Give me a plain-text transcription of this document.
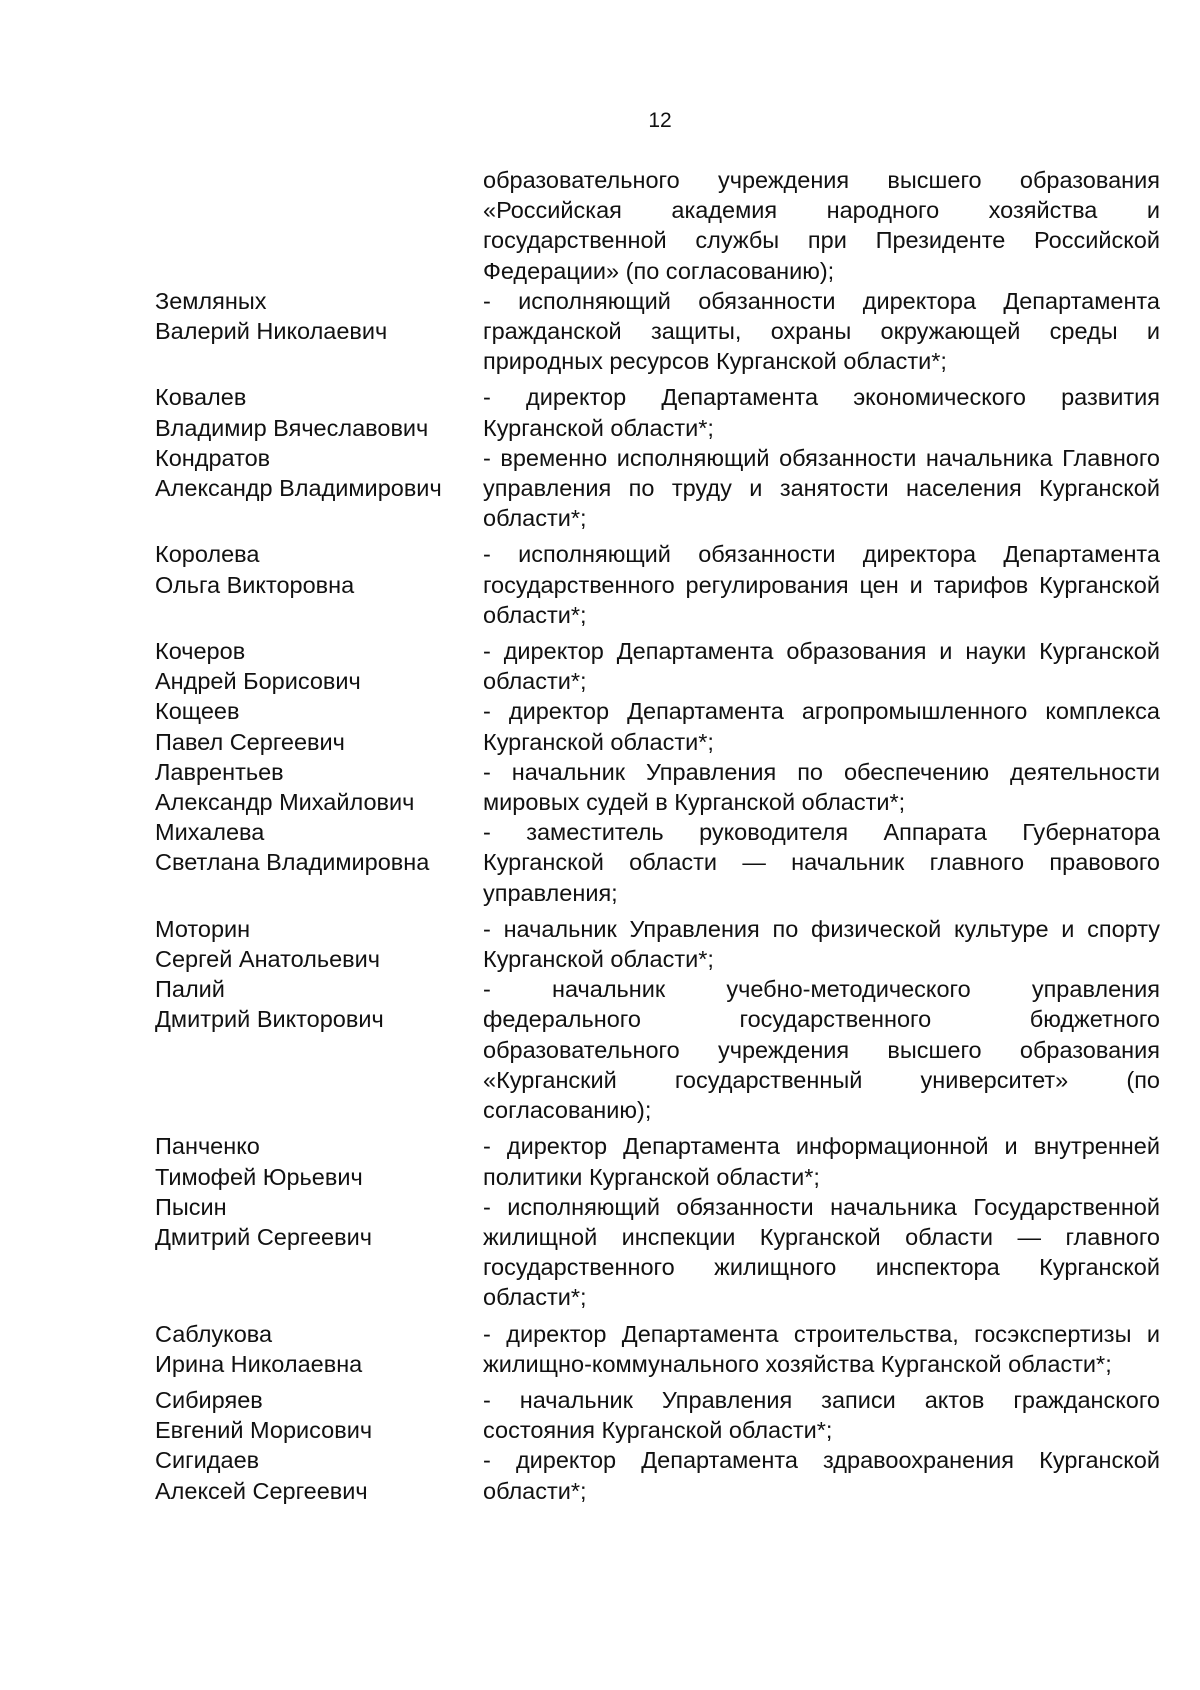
12
образовательного учреждения высшего образования «Российская академия народного хозяйства и государственной службы при Президенте Российской Федерации» (по согласованию);
Земляных
Валерий Николаевич
- исполняющий обязанности директора Департамента гражданской защиты, охраны окружающей среды и природных ресурсов Курганской области*;
Ковалев
Владимир Вячеславович
- директор Департамента экономического развития Курганской области*;
Кондратов
Александр Владимирович
- временно исполняющий обязанности начальника Главного управления по труду и занятости населения Курганской области*;
Королева
Ольга Викторовна
- исполняющий обязанности директора Департамента государственного регулирования цен и тарифов Курганской области*;
Кочеров
Андрей Борисович
- директор Департамента образования и науки Курганской области*;
Кощеев
Павел Сергеевич
- директор Департамента агропромышленного комплекса Курганской области*;
Лаврентьев
Александр Михайлович
- начальник Управления по обеспечению деятельности мировых судей в Курганской области*;
Михалева
Светлана Владимировна
- заместитель руководителя Аппарата Губернатора Курганской области — начальник главного правового управления;
Моторин
Сергей Анатольевич
- начальник Управления по физической культуре и спорту Курганской области*;
Палий
Дмитрий Викторович
- начальник учебно-методического управления федерального государственного бюджетного образовательного учреждения высшего образования «Курганский государственный университет» (по согласованию);
Панченко
Тимофей Юрьевич
- директор Департамента информационной и внутренней политики Курганской области*;
Пысин
Дмитрий Сергеевич
- исполняющий обязанности начальника Государственной жилищной инспекции Курганской области — главного государственного жилищного инспектора Курганской области*;
Саблукова
Ирина Николаевна
- директор Департамента строительства, госэкспертизы и жилищно-коммунального хозяйства Курганской области*;
Сибиряев
Евгений Морисович
- начальник Управления записи актов гражданского состояния Курганской области*;
Сигидаев
Алексей Сергеевич
- директор Департамента здравоохранения Курганской области*;
